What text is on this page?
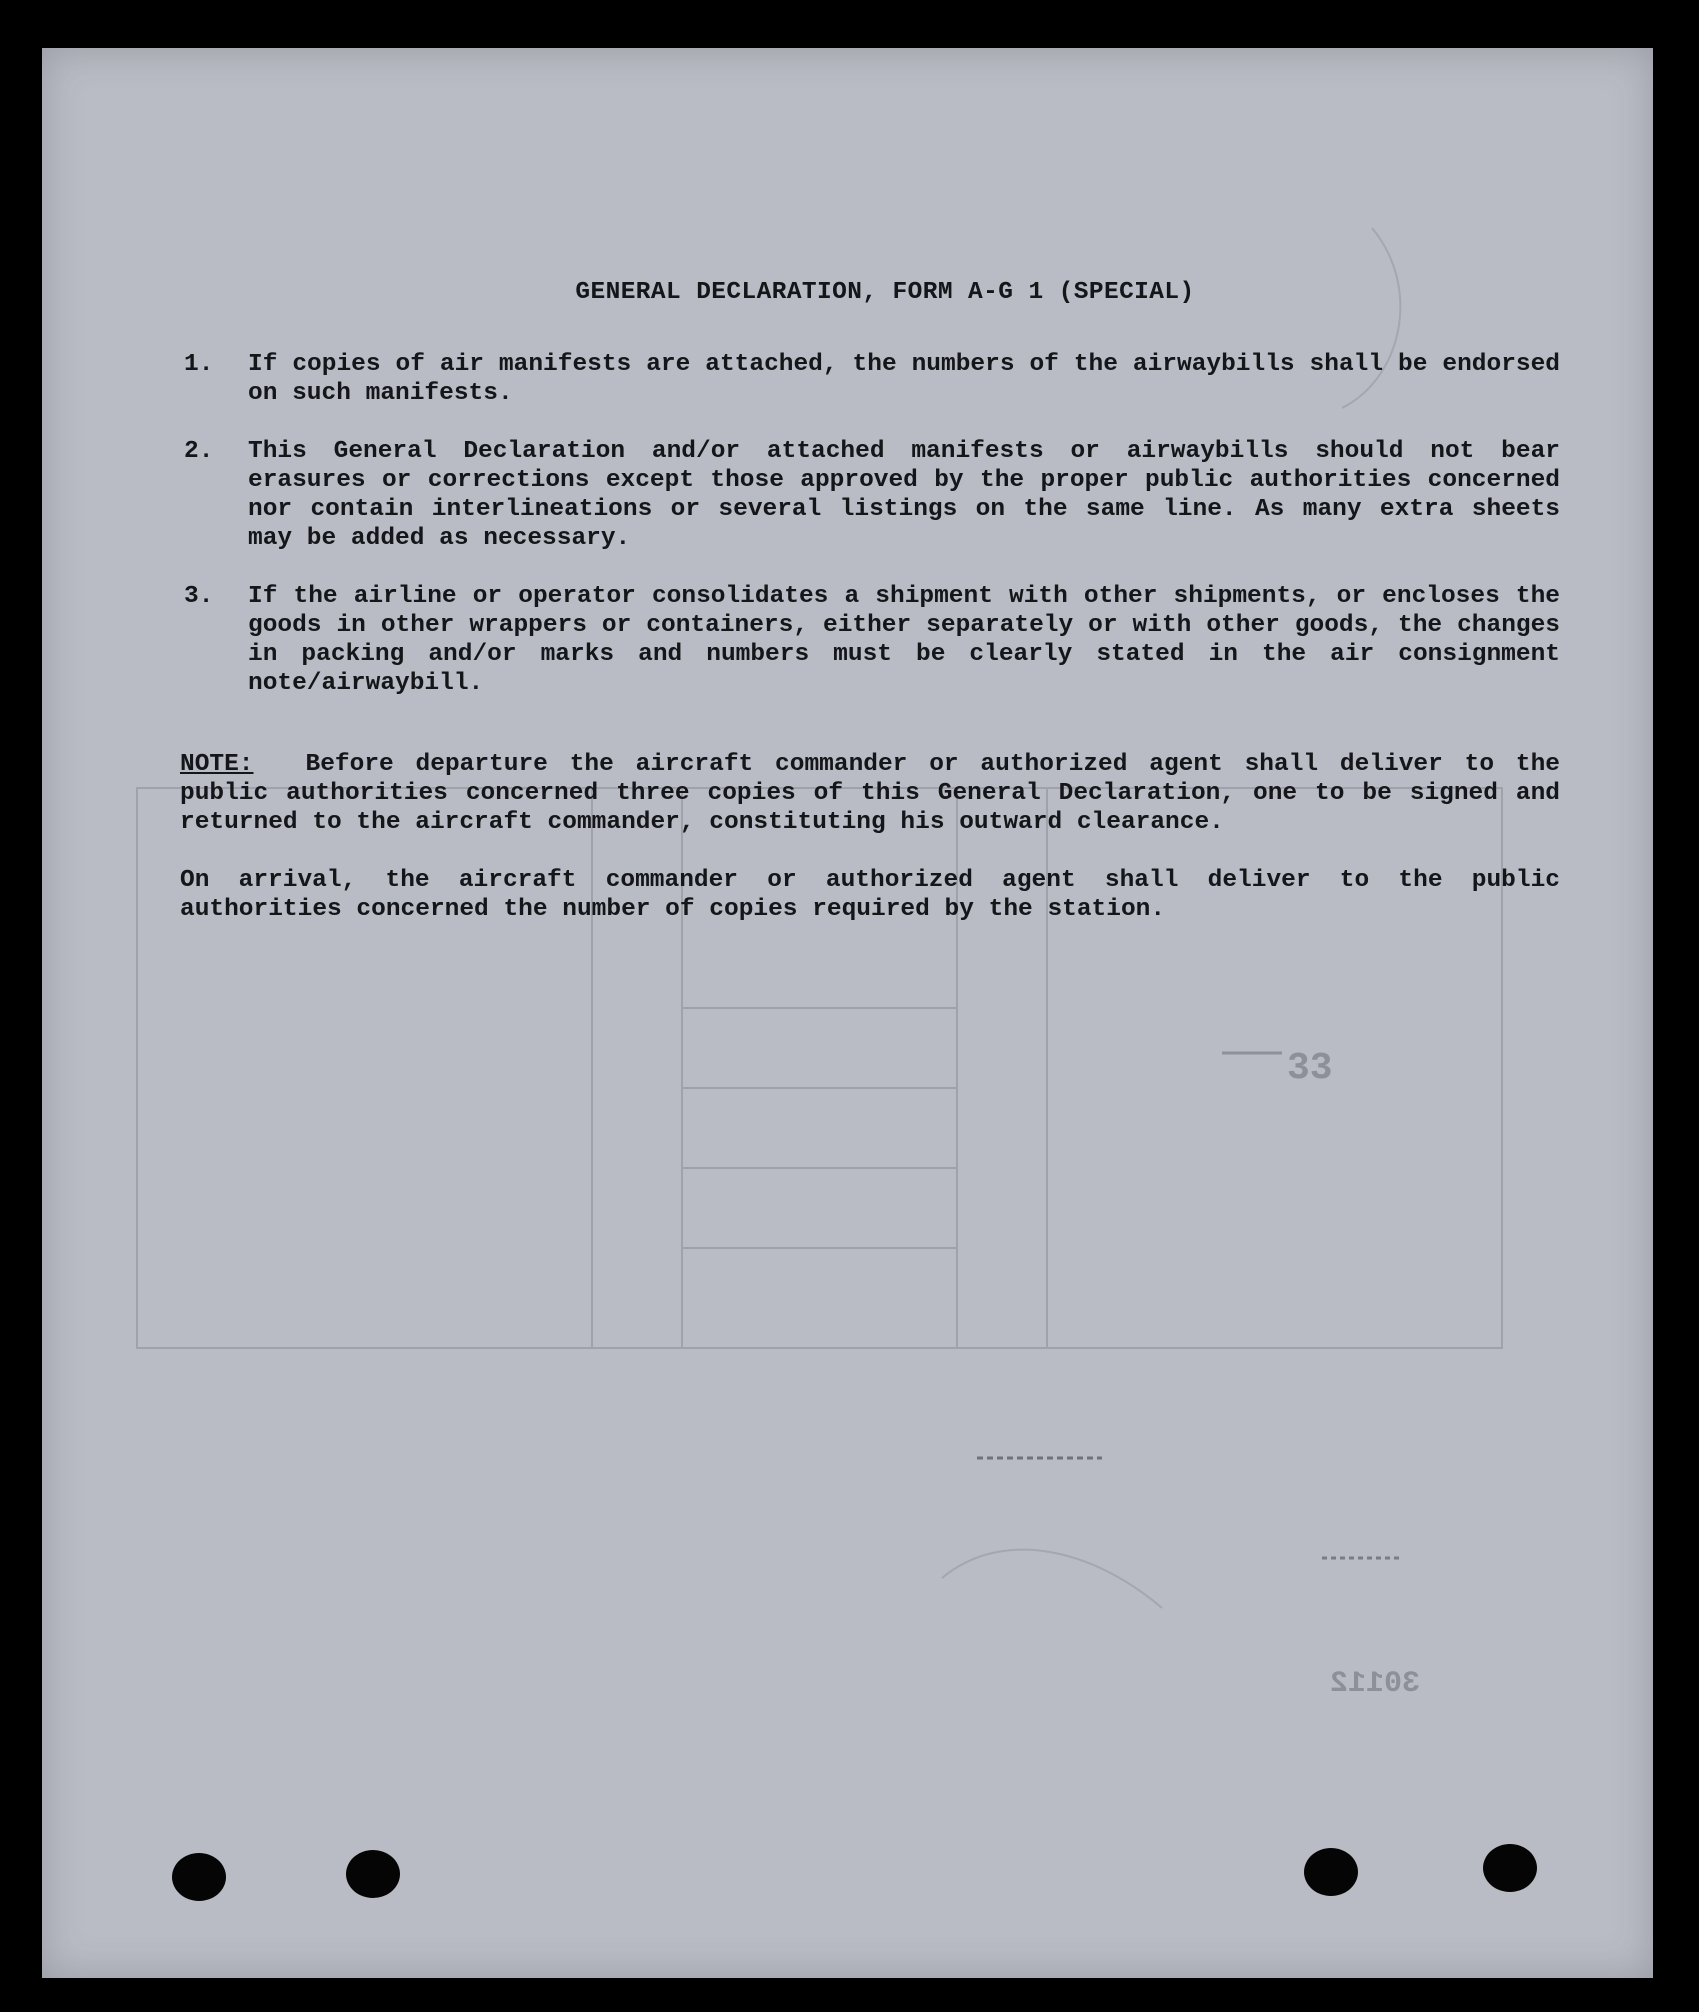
33
30112
GENERAL DECLARATION, FORM A-G 1 (SPECIAL)
1.	If copies of air manifests are attached, the numbers of the airwaybills shall be endorsed on such manifests.
2.	This General Declaration and/or attached manifests or airwaybills should not bear erasures or corrections except those approved by the proper public authorities concerned nor contain interlineations or several listings on the same line. As many extra sheets may be added as necessary.
3.	If the airline or operator consolidates a shipment with other shipments, or encloses the goods in other wrappers or containers, either separately or with other goods, the changes in packing and/or marks and numbers must be clearly stated in the air consignment note/airwaybill.
NOTE: Before departure the aircraft commander or authorized agent shall deliver to the public authorities concerned three copies of this General Declaration, one to be signed and returned to the aircraft commander, constituting his outward clearance.
On arrival, the aircraft commander or authorized agent shall deliver to the public authorities concerned the number of copies required by the station.
